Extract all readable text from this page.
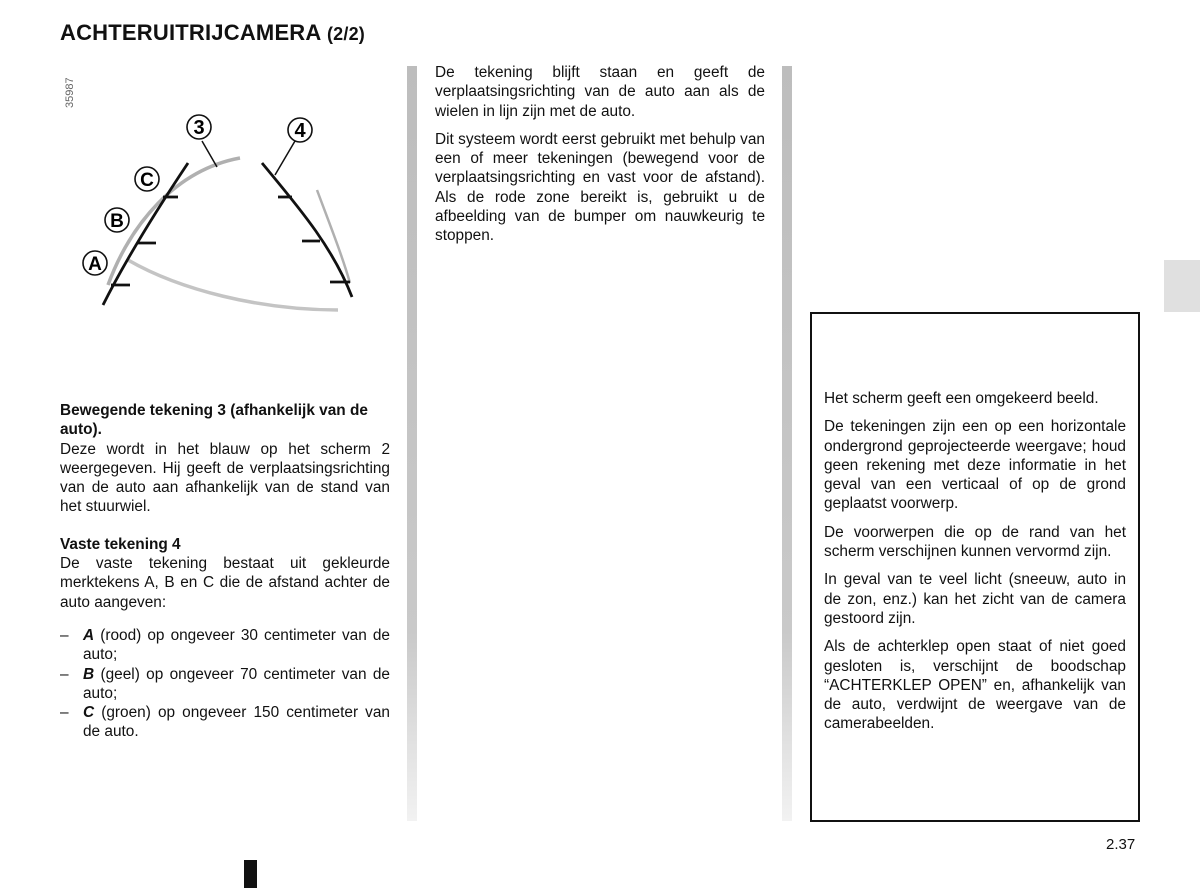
ACHTERUITRIJCAMERA (2/2)
35987
3	4
C
B
A
Bewegende tekening 3 (afhankelijk van de auto).
Deze wordt in het blauw op het scherm 2 weergegeven. Hij geeft de verplaatsingsrichting van de auto aan afhankelijk van de stand van het stuurwiel.
Vaste tekening 4
De vaste tekening bestaat uit gekleurde merktekens A, B en C die de afstand achter de auto aangeven:
– A (rood) op ongeveer 30 centimeter van de auto;
– B (geel) op ongeveer 70 centimeter van de auto;
– C (groen) op ongeveer 150 centimeter van de auto.

De tekening blijft staan en geeft de verplaatsingsrichting van de auto aan als de wielen in lijn zijn met de auto.

Dit systeem wordt eerst gebruikt met behulp van een of meer tekeningen (bewegend voor de verplaatsingsrichting en vast voor de afstand). Als de rode zone bereikt is, gebruikt u de afbeelding van de bumper om nauwkeurig te stoppen.

Het scherm geeft een omgekeerd beeld.

De tekeningen zijn een op een horizontale ondergrond geprojecteerde weergave; houd geen rekening met deze informatie in het geval van een verticaal of op de grond geplaatst voorwerp.

De voorwerpen die op de rand van het scherm verschijnen kunnen vervormd zijn.

In geval van te veel licht (sneeuw, auto in de zon, enz.) kan het zicht van de camera gestoord zijn.

Als de achterklep open staat of niet goed gesloten is, verschijnt de boodschap “ACHTERKLEP OPEN” en, afhankelijk van de auto, verdwijnt de weergave van de camerabeelden.

2.37
